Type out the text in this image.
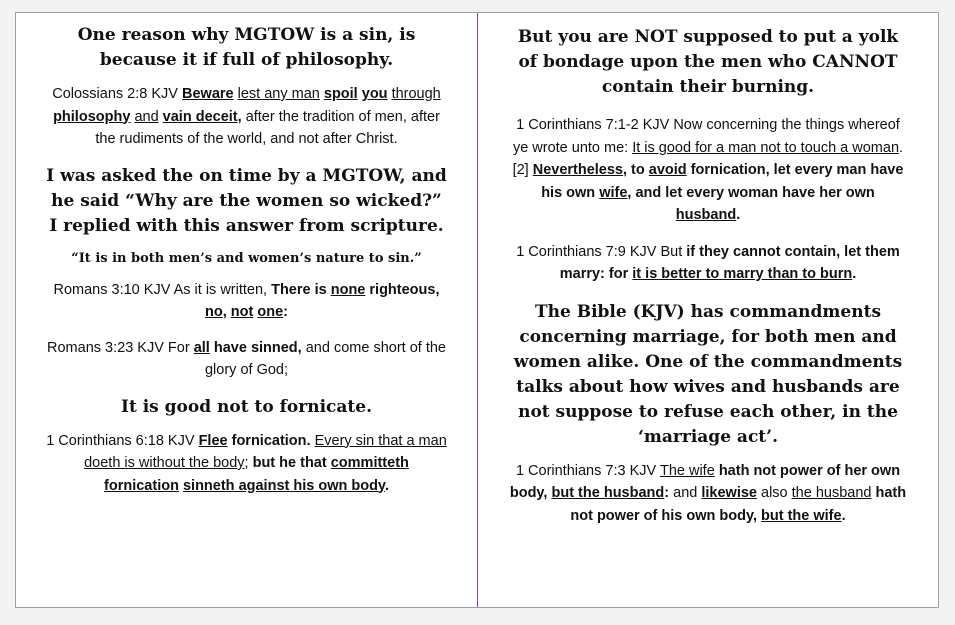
One reason why MGTOW is a sin, is because it if full of philosophy.

Colossians 2:8 KJV Beware lest any man spoil you through philosophy and vain deceit, after the tradition of men, after the rudiments of the world, and not after Christ.

I was asked the on time by a MGTOW, and he said “Why are the women so wicked?” I replied with this answer from scripture.

“It is in both men’s and women’s nature to sin.”

Romans 3:10 KJV As it is written, There is none righteous, no, not one:

Romans 3:23 KJV For all have sinned, and come short of the glory of God;

It is good not to fornicate.

1 Corinthians 6:18 KJV Flee fornication. Every sin that a man doeth is without the body; but he that committeth fornication sinneth against his own body.

But you are NOT supposed to put a yolk of bondage upon the men who CANNOT contain their burning.

1 Corinthians 7:1-2 KJV Now concerning the things whereof ye wrote unto me: It is good for a man not to touch a woman. [2] Nevertheless, to avoid fornication, let every man have his own wife, and let every woman have her own husband.

1 Corinthians 7:9 KJV But if they cannot contain, let them marry: for it is better to marry than to burn.

The Bible (KJV) has commandments concerning marriage, for both men and women alike. One of the commandments talks about how wives and husbands are not suppose to refuse each other, in the ‘marriage act’.

1 Corinthians 7:3 KJV The wife hath not power of her own body, but the husband: and likewise also the husband hath not power of his own body, but the wife.
